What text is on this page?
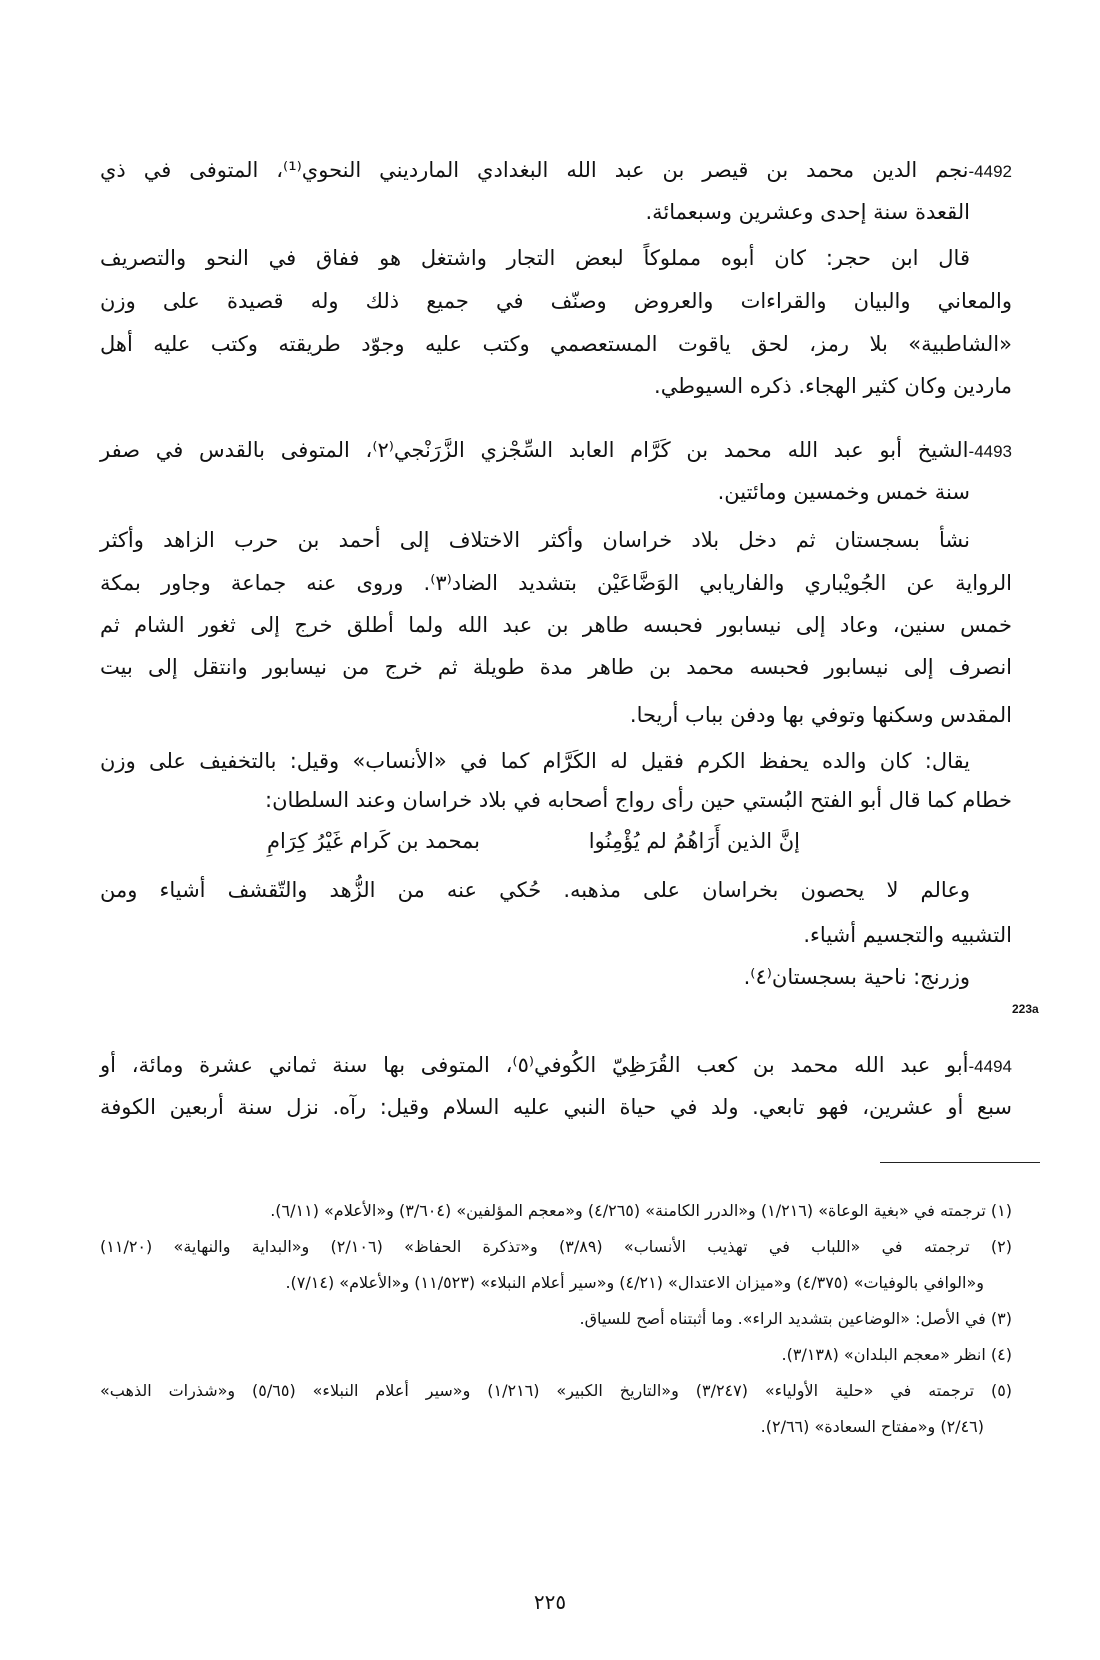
4492-نجم الدين محمد بن قيصر بن عبد الله البغدادي المارديني النحوي⁽¹⁾، المتوفى في ذي
القعدة سنة إحدى وعشرين وسبعمائة.
قال ابن حجر: كان أبوه مملوكاً لبعض التجار واشتغل هو ففاق في النحو والتصريف
والمعاني والبيان والقراءات والعروض وصنّف في جميع ذلك وله قصيدة على وزن
«الشاطبية» بلا رمز، لحق ياقوت المستعصمي وكتب عليه وجوّد طريقته وكتب عليه أهل
ماردين وكان كثير الهجاء. ذكره السيوطي.
4493-الشيخ أبو عبد الله محمد بن كَرَّام العابد السِّجْزي الزَّرَنْجي⁽٢⁾، المتوفى بالقدس في صفر
سنة خمس وخمسين ومائتين.
نشأ بسجستان ثم دخل بلاد خراسان وأكثر الاختلاف إلى أحمد بن حرب الزاهد وأكثر
الرواية عن الجُويْباري والفاريابي الوَضَّاعَيْن بتشديد الضاد⁽٣⁾. وروى عنه جماعة وجاور بمكة
خمس سنين، وعاد إلى نيسابور فحبسه طاهر بن عبد الله ولما أطلق خرج إلى ثغور الشام ثم
انصرف إلى نيسابور فحبسه محمد بن طاهر مدة طويلة ثم خرج من نيسابور وانتقل إلى بيت
المقدس وسكنها وتوفي بها ودفن بباب أريحا.
يقال: كان والده يحفظ الكرم فقيل له الكَرَّام كما في «الأنساب» وقيل: بالتخفيف على وزن
خطام كما قال أبو الفتح البُستي حين رأى رواج أصحابه في بلاد خراسان وعند السلطان:
إنَّ الذين أَرَاهُمُ لم يُؤْمِنُوا
بمحمد بن كَرام غَيْرُ كِرَامِ
وعالم لا يحصون بخراسان على مذهبه. حُكي عنه من الزُّهد والتّقشف أشياء ومن
التشبيه والتجسيم أشياء.
وزرنج: ناحية بسجستان⁽٤⁾.
223a
4494-أبو عبد الله محمد بن كعب القُرَظِيّ الكُوفي⁽٥⁾، المتوفى بها سنة ثماني عشرة ومائة، أو
سبع أو عشرين، فهو تابعي. ولد في حياة النبي عليه السلام وقيل: رآه. نزل سنة أربعين الكوفة
(١) ترجمته في «بغية الوعاة» (١/٢١٦) و«الدرر الكامنة» (٤/٢٦٥) و«معجم المؤلفين» (٣/٦٠٤) و«الأعلام» (٦/١١).
(٢) ترجمته في «اللباب في تهذيب الأنساب» (٣/٨٩) و«تذكرة الحفاظ» (٢/١٠٦) و«البداية والنهاية» (١١/٢٠)
و«الوافي بالوفيات» (٤/٣٧٥) و«ميزان الاعتدال» (٤/٢١) و«سير أعلام النبلاء» (١١/٥٢٣) و«الأعلام» (٧/١٤).
(٣) في الأصل: «الوضاعين بتشديد الراء». وما أثبتناه أصح للسياق.
(٤) انظر «معجم البلدان» (٣/١٣٨).
(٥) ترجمته في «حلية الأولياء» (٣/٢٤٧) و«التاريخ الكبير» (١/٢١٦) و«سير أعلام النبلاء» (٥/٦٥) و«شذرات الذهب»
(٢/٤٦) و«مفتاح السعادة» (٢/٦٦).
٢٢٥
